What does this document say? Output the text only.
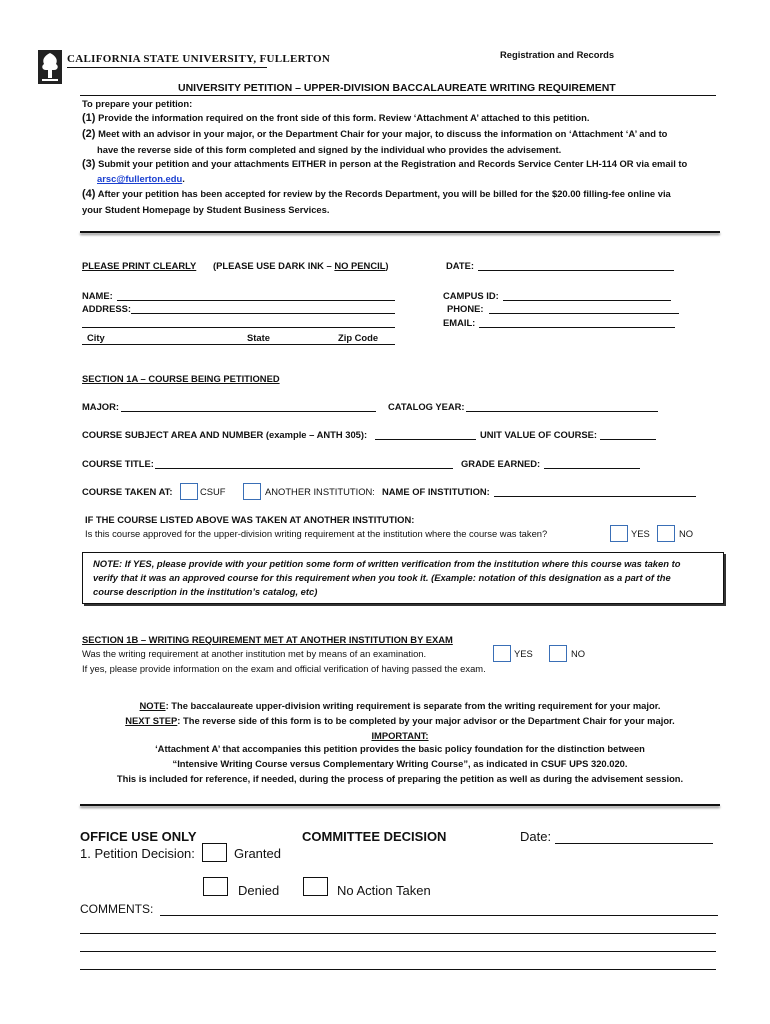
CALIFORNIA STATE UNIVERSITY, FULLERTON	Registration and Records
UNIVERSITY PETITION – UPPER-DIVISION BACCALAUREATE WRITING REQUIREMENT
To prepare your petition:
(1) Provide the information required on the front side of this form. Review ‘Attachment A’ attached to this petition.
(2) Meet with an advisor in your major, or the Department Chair for your major, to discuss the information on ‘Attachment ‘A’ and to
have the reverse side of this form completed and signed by the individual who provides the advisement.
(3) Submit your petition and your attachments EITHER in person at the Registration and Records Service Center LH-114 OR via email to
arsc@fullerton.edu.
(4) After your petition has been accepted for review by the Records Department, you will be billed for the $20.00 filling-fee online via
your Student Homepage by Student Business Services.
PLEASE PRINT CLEARLY (PLEASE USE DARK INK – NO PENCIL)	DATE:
NAME:
ADDRESS:
City	State	Zip Code
CAMPUS ID:
PHONE:
EMAIL:
SECTION 1A – COURSE BEING PETITIONED
MAJOR:	CATALOG YEAR:
COURSE SUBJECT AREA AND NUMBER (example – ANTH 305):	UNIT VALUE OF COURSE:
COURSE TITLE:	GRADE EARNED:
COURSE TAKEN AT:	CSUF	ANOTHER INSTITUTION: NAME OF INSTITUTION:
IF THE COURSE LISTED ABOVE WAS TAKEN AT ANOTHER INSTITUTION:
Is this course approved for the upper-division writing requirement at the institution where the course was taken?	YES	NO
NOTE: If YES, please provide with your petition some form of written verification from the institution where this course was taken to
verify that it was an approved course for this requirement when you took it. (Example: notation of this designation as a part of the
course description in the institution’s catalog, etc)
SECTION 1B – WRITING REQUIREMENT MET AT ANOTHER INSTITUTION BY EXAM
Was the writing requirement at another institution met by means of an examination.	YES	NO
If yes, please provide information on the exam and official verification of having passed the exam.
NOTE: The baccalaureate upper-division writing requirement is separate from the writing requirement for your major.
NEXT STEP: The reverse side of this form is to be completed by your major advisor or the Department Chair for your major.
IMPORTANT:
‘Attachment A’ that accompanies this petition provides the basic policy foundation for the distinction between
“Intensive Writing Course versus Complementary Writing Course”, as indicated in CSUF UPS 320.020.
This is included for reference, if needed, during the process of preparing the petition as well as during the advisement session.
OFFICE USE ONLY	COMMITTEE DECISION	Date:
1. Petition Decision:	Granted
Denied	No Action Taken
COMMENTS:
